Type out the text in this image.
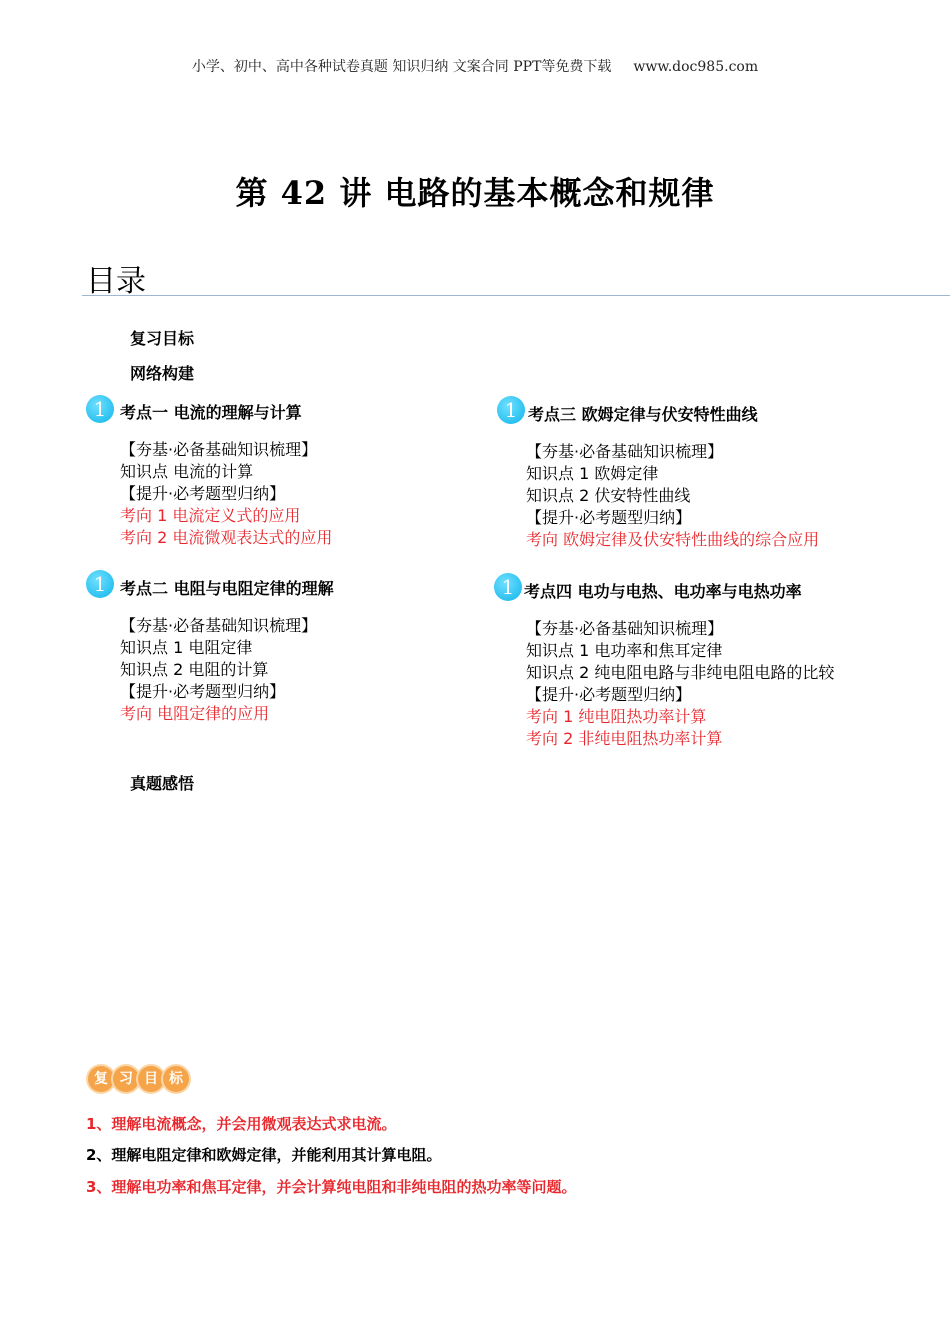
小学、初中、高中各种试卷真题 知识归纳 文案合同 PPT等免费下载 www.doc985.com
第 42 讲 电路的基本概念和规律
目录
复习目标
网络构建
真题感悟
1 考点一 电流的理解与计算
【夯基·必备基础知识梳理】
知识点 电流的计算
【提升·必考题型归纳】
考向 1 电流定义式的应用
考向 2 电流微观表达式的应用
1 考点二 电阻与电阻定律的理解
【夯基·必备基础知识梳理】
知识点 1 电阻定律
知识点 2 电阻的计算
【提升·必考题型归纳】
考向 电阻定律的应用
1 考点三 欧姆定律与伏安特性曲线
【夯基·必备基础知识梳理】
知识点 1 欧姆定律
知识点 2 伏安特性曲线
【提升·必考题型归纳】
考向 欧姆定律及伏安特性曲线的综合应用
1 考点四 电功与电热、电功率与电热功率
【夯基·必备基础知识梳理】
知识点 1 电功率和焦耳定律
知识点 2 纯电阻电路与非纯电阻电路的比较
【提升·必考题型归纳】
考向 1 纯电阻热功率计算
考向 2 非纯电阻热功率计算
复 习 目 标
1、理解电流概念，并会用微观表达式求电流。
2、理解电阻定律和欧姆定律，并能利用其计算电阻。
3、理解电功率和焦耳定律，并会计算纯电阻和非纯电阻的热功率等问题。
